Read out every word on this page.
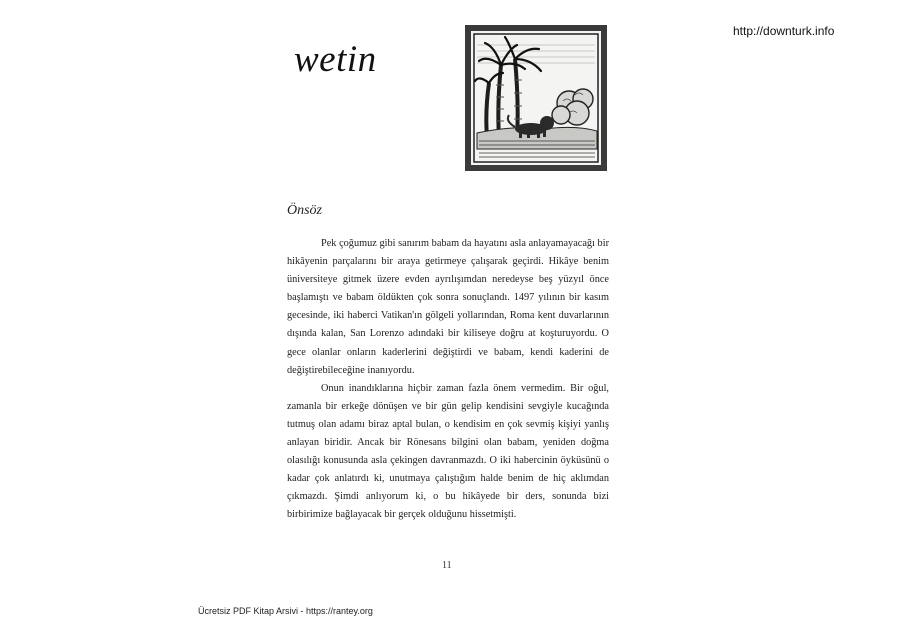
http://downturk.info
wetin
Önsöz

Pek çoğumuz gibi sanırım babam da hayatını asla anlayamayacağı bir hikâyenin parçalarını bir araya getirmeye çalışarak geçirdi. Hikâye benim üniversiteye gitmek üzere evden ayrılışımdan neredeyse beş yüzyıl önce başlamıştı ve babam öldükten çok sonra sonuçlandı. 1497 yılının bir kasım gecesinde, iki haberci Vatikan'ın gölgeli yollarından, Roma kent duvarlarının dışında kalan, San Lorenzo adındaki bir kiliseye doğru at koşturuyordu. O gece olanlar onların kaderlerini değiştirdi ve babam, kendi kaderini de değiştirebileceğine inanıyordu.

Onun inandıklarına hiçbir zaman fazla önem vermedim. Bir oğul, zamanla bir erkeğe dönüşen ve bir gün gelip kendisini sevgiyle kucağında tutmuş olan adamı biraz aptal bulan, o kendisim en çok sevmiş kişiyi yanlış anlayan biridir. Ancak bir Rönesans bilgini olan babam, yeniden doğma olasılığı konusunda asla çekingen davranmazdı. O iki habercinin öyküsünü o kadar çok anlatırdı ki, unutmaya çalıştığım halde benim de hiç aklımdan çıkmazdı. Şimdi anlıyorum ki, o bu hikâyede bir ders, sonunda bizi birbirimize bağlayacak bir gerçek olduğunu hissetmişti.

11
Ücretsiz PDF Kitap Arsivi - https://rantey.org
